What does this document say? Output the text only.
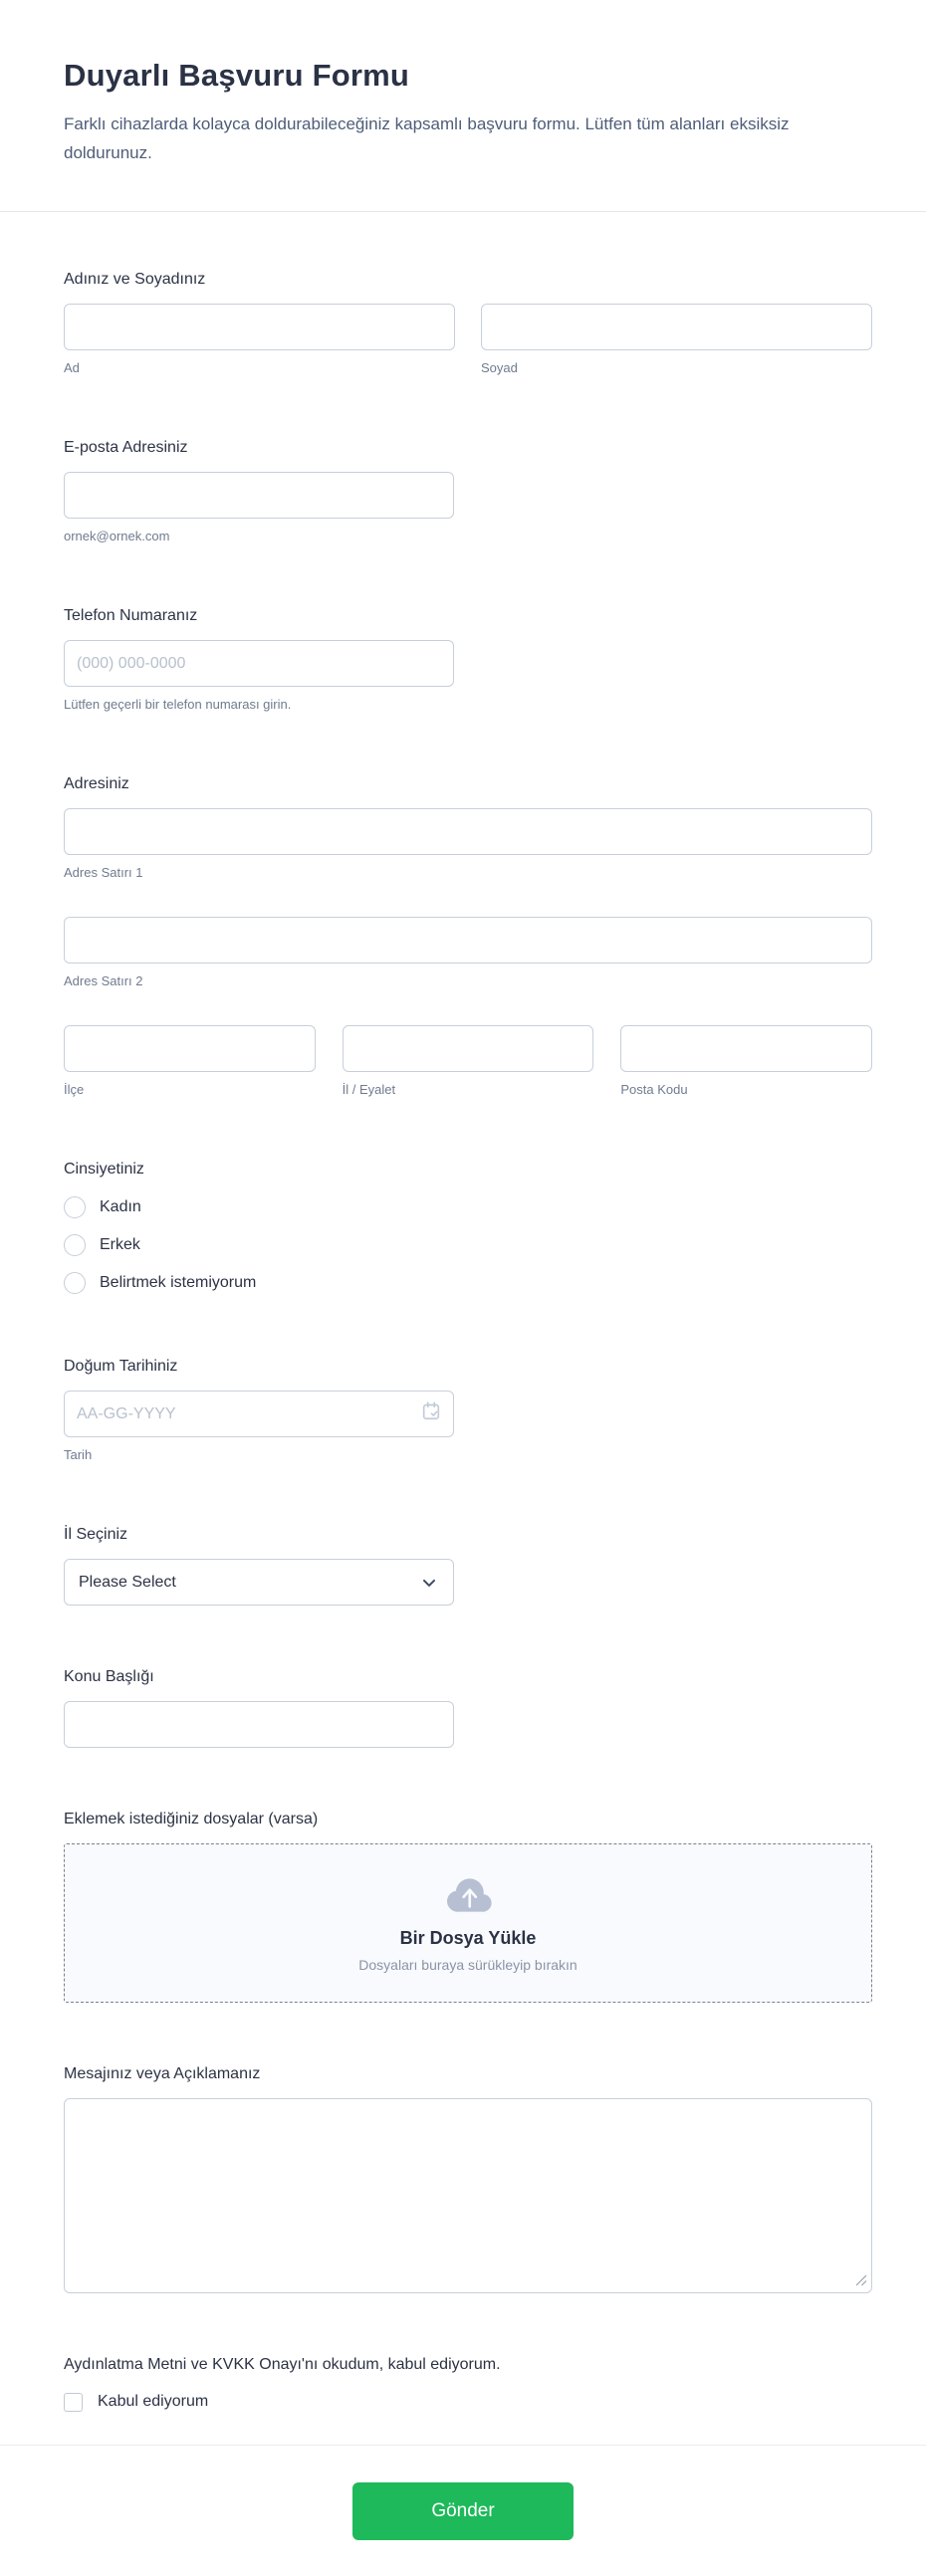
Duyarlı Başvuru Formu

Farklı cihazlarda kolayca doldurabileceğiniz kapsamlı başvuru formu. Lütfen tüm alanları eksiksiz doldurunuz.

Adınız ve Soyadınız
Ad	Soyad
E-posta Adresiniz
ornek@ornek.com
Telefon Numaranız
(000) 000-0000
Lütfen geçerli bir telefon numarası girin.
Adresiniz
Adres Satırı 1
Adres Satırı 2
İlçe	İl / Eyalet	Posta Kodu
Cinsiyetiniz
Kadın
Erkek
Belirtmek istemiyorum
Doğum Tarihiniz
AA-GG-YYYY
Tarih
İl Seçiniz
Please Select
Konu Başlığı
Eklemek istediğiniz dosyalar (varsa)
Bir Dosya Yükle
Dosyaları buraya sürükleyip bırakın
Mesajınız veya Açıklamanız
Aydınlatma Metni ve KVKK Onayı'nı okudum, kabul ediyorum.
Kabul ediyorum
Gönder
